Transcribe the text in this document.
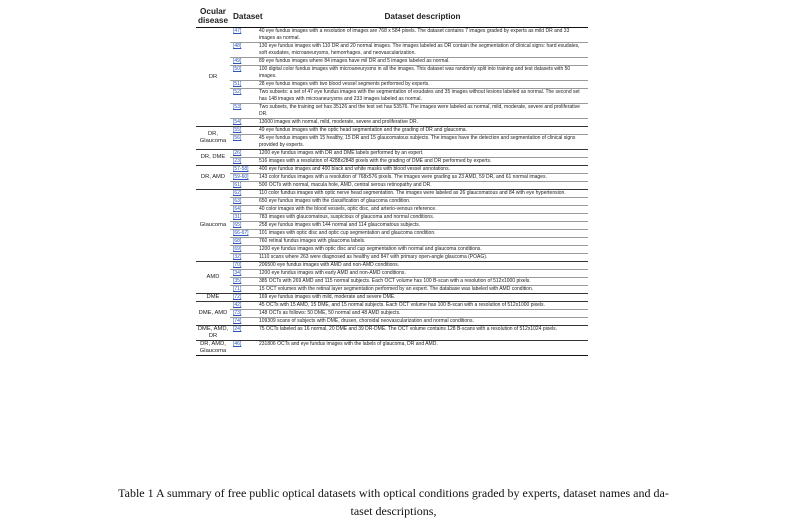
Ocular disease	Dataset	Dataset description
DR	[47]	40 eye fundus images with a resolution of images are 768 x 584 pixels. The dataset contains 7 images graded by experts as mild DR and 33 images as normal.
	[48]	130 eye fundus images with 110 DR and 20 normal images. The images labeled as DR contain the segmentation of clinical signs: hard exudates, soft exudates, microaneurysms, hemorrhages, and neovascularization.
	[49]	89 eye fundus images where 84 images have mil DR and 5 images labeled as normal.
	[50]	100 digital color fundus images with microaneurysms in all the images. This dataset was randomly split into training and test datasets with 50 images.
	[51]	28 eye fundus images with two blood vessel segments performed by experts.
	[52]	Two subsets: a set of 47 eye fundus images with the segmentation of exudates and 35 images without lesions labeled as normal. The second set has 148 images with microaneurysms and 233 images labeled as normal.
	[53]	Two subsets, the training set has 35126 and the test set has 53576. The images were labeled as normal, mild, moderate, severe and proliferative DR.
	[54]	13000 images with normal, mild, moderate, severe and proliferative DR.
DR, Glaucoma	[55]	49 eye fundus images with the optic head segmentation and the grading of DR and glaucoma.
	[56]	45 eye fundus images with 15 healthy, 15 DR and 15 glaucomatous subjects. The images have the detection and segmentation of clinical signs provided by experts.
DR, DME	[26]	1200 eye fundus images with DR and DME labels performed by an expert.
	[23]	516 images with a resolution of 4288x2848 pixels with the grading of DME and DR performed by experts.
DR, AMD	[57-58]	400 eye fundus images and 400 black and white masks with blood vessel annotations.
	[59-60]	143 color fundus images with a resolution of 768x576 pixels. The images were grading as 23 AMD, 59 DR, and 61 normal images.
	[61]	500 OCTs with normal, macula hole, AMD, central serous retinopathy and DR.
Glaucoma	[62]	110 color fundus images with optic nerve head segmentation. The images were labeled as 26 glaucomatous and 84 with eye hypertension.
	[63]	650 eye fundus images with the classification of glaucoma condition.
	[64]	40 color images with the blood vessels, optic disc, and arterio-venous reference.
	[31]	783 images with glaucomatous, suspicious of glaucoma and normal conditions.
	[65]	258 eye fundus images with 144 normal and 114 glaucomatous subjects.
	[66-67]	101 images with optic disc and optic cup segmentation and glaucoma condition.
	[68]	760 retinal fundus images with glaucoma labels.
	[69]	1200 eye fundus images with optic disc and cup segmentation with normal and glaucoma conditions.
	[32]	1110 scans where 263 were diagnosed as healthy and 847 with primary open-angle glaucoma (POAG).
AMD	[70]	206500 eye fundus images with AMD and non-AMD conditions.
	[34]	1200 eye fundus images with early AMD and non-AMD conditions.
	[35]	385 OCTs with 269 AMD and 115 normal subjects. Each OCT volume has 100 B-scan with a resolution of 512x1000 pixels.
	[71]	15 OCT volumes with the retinal layer segmentation performed by an expert. The database was labeled with AMD condition.
DME	[72]	169 eye fundus images with mild, moderate and severe DME.
DME, AMD	[42]	45 OCTs with 15 AMD, 15 DME, and 15 normal subjects. Each OCT volume has 100 B-scan with a resolution of 512x1000 pixels.
	[73]	148 OCTs as follows: 50 DME, 50 normal and 48 AMD subjects.
	[74]	109309 scans of subjects with DME, drusen, choroidal neovascularization and normal conditions.
DME, AMD, DR	[24]	75 OCTs labeled as 16 normal, 20 DME and 39 DR-DME. The OCT volume contains 128 B-scans with a resolution of 512x1024 pixels.
DR, AMD, Glaucoma	[46]	231806 OCTs and eye fundus images with the labels of glaucoma, DR and AMD.
Table 1 A summary of free public optical datasets with optical conditions graded by experts, dataset names and da-
taset descriptions,
